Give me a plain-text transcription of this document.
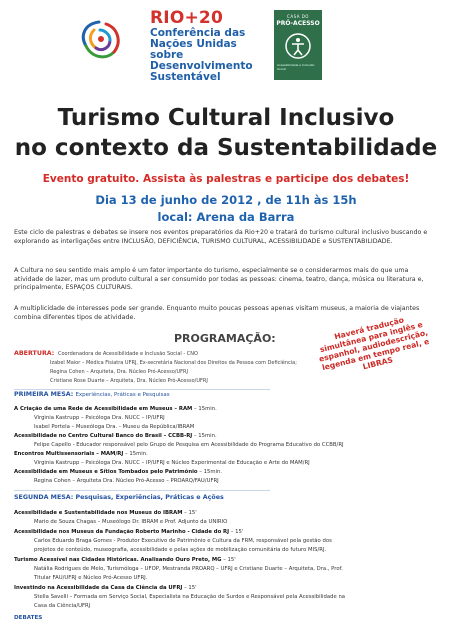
RIO+20
Conferência das
Nações Unidas
sobre
Desenvolvimento
Sustentável
CASA DO
PRÓ-ACESSO
Acessibilidade e Inclusão Social
Turismo Cultural Inclusivo
no contexto da Sustentabilidade
Evento gratuito. Assista às palestras e participe dos debates!
Dia 13 de junho de 2012 , de 11h às 15h
local: Arena da Barra

Este ciclo de palestras e debates se insere nos eventos preparatórios da Rio+20 e tratará do turismo cultural inclusivo buscando e explorando as interligações entre INCLUSÃO, DEFICIÊNCIA, TURISMO CULTURAL, ACESSIBILIDADE e SUSTENTABILIDADE.

A Cultura no seu sentido mais amplo é um fator importante do turismo, especialmente se o considerarmos mais do que uma atividade de lazer, mas um produto cultural a ser consumido por todas as pessoas: cinema, teatro, dança, música ou literatura e, principalmente, ESPAÇOS CULTURAIS.

A multiplicidade de interesses pode ser grande. Enquanto muito poucas pessoas apenas visitam museus, a maioria de viajantes combina diferentes tipos de atividade.

PROGRAMAÇÃO:	Haverá tradução simultânea para inglês e espanhol, audiodescrição, legenda em tempo real, e LIBRAS
ABERTURA: Coordenadora de Acessibilidade e Inclusão Social - CNO
Izabel Maior – Médica Fisiatra UFRJ, Ex-secretária Nacional dos Direitos da Pessoa com Deficiência;
Regina Cohen – Arquiteta, Dra. Núcleo Pró-Acesso/UFRJ
Cristiane Rose Duarte – Arquiteta, Dra. Núcleo Pró-Acesso/UFRJ
PRIMEIRA MESA: Experiências, Práticas e Pesquisas
A Criação de uma Rede de Acessibilidade em Museus – RAM – 15min.
Virginia Kastrupp – Psicóloga Dra. NUCC – IP/UFRJ
Isabel Portela – Museóloga Dra. - Museu da República/IBRAM
Acessibilidade no Centro Cultural Banco do Brasil – CCBB-RJ – 15min.
Felipe Capello - Educador responsável pelo Grupo de Pesquisa em Acessibilidade do Programa Educativo do CCBB/RJ
Encontros Multissensoriais – MAM/RJ – 15min.
Virginia Kastrupp – Psicóloga Dra. NUCC – IP/UFRJ e Núcleo Experimental de Educação e Arte do MAM/RJ
Acessibilidade em Museus e Sítios Tombados pelo Patrimônio – 15min.
Regina Cohen – Arquiteta Dra. Núcleo Pró-Acesso – PROARQ/FAU/UFRJ
SEGUNDA MESA: Pesquisas, Experiências, Práticas e Ações
Acessibilidade e Sustentabilidade nos Museus do IBRAM – 15'
Mario de Souza Chagas – Museólogo Dr. IBRAM e Prof. Adjunto da UNIRIO
Acessibilidade nos Museus da Fundação Roberto Marinho - Cidade do RJ – 15'
Carlos Eduardo Braga Gomes - Produtor Executivo de Patrimônio e Cultura da FRM, responsável pela gestão dos
projetos de conteúdo, museografia, acessibilidade e pelas ações de mobilização comunitária do futuro MIS/RJ.
Turismo Acessível nas Cidades Históricas. Analisando Ouro Preto, MG – 15'
Natália Rodrigues de Melo, Turismóloga – UFOP, Mestranda PROARQ – UFRJ e Cristiane Duarte – Arquiteta, Dra., Prof.
Titular FAU/UFRJ e Núcleo Pró-Acesso UFRJ.
Investindo na Acessibilidade da Casa da Ciência da UFRJ – 15'
Stella Savelli – Formada em Serviço Social, Especialista na Educação de Surdos e Responsável pela Acessibilidade na
Casa da Ciência/UFRJ
DEBATES
